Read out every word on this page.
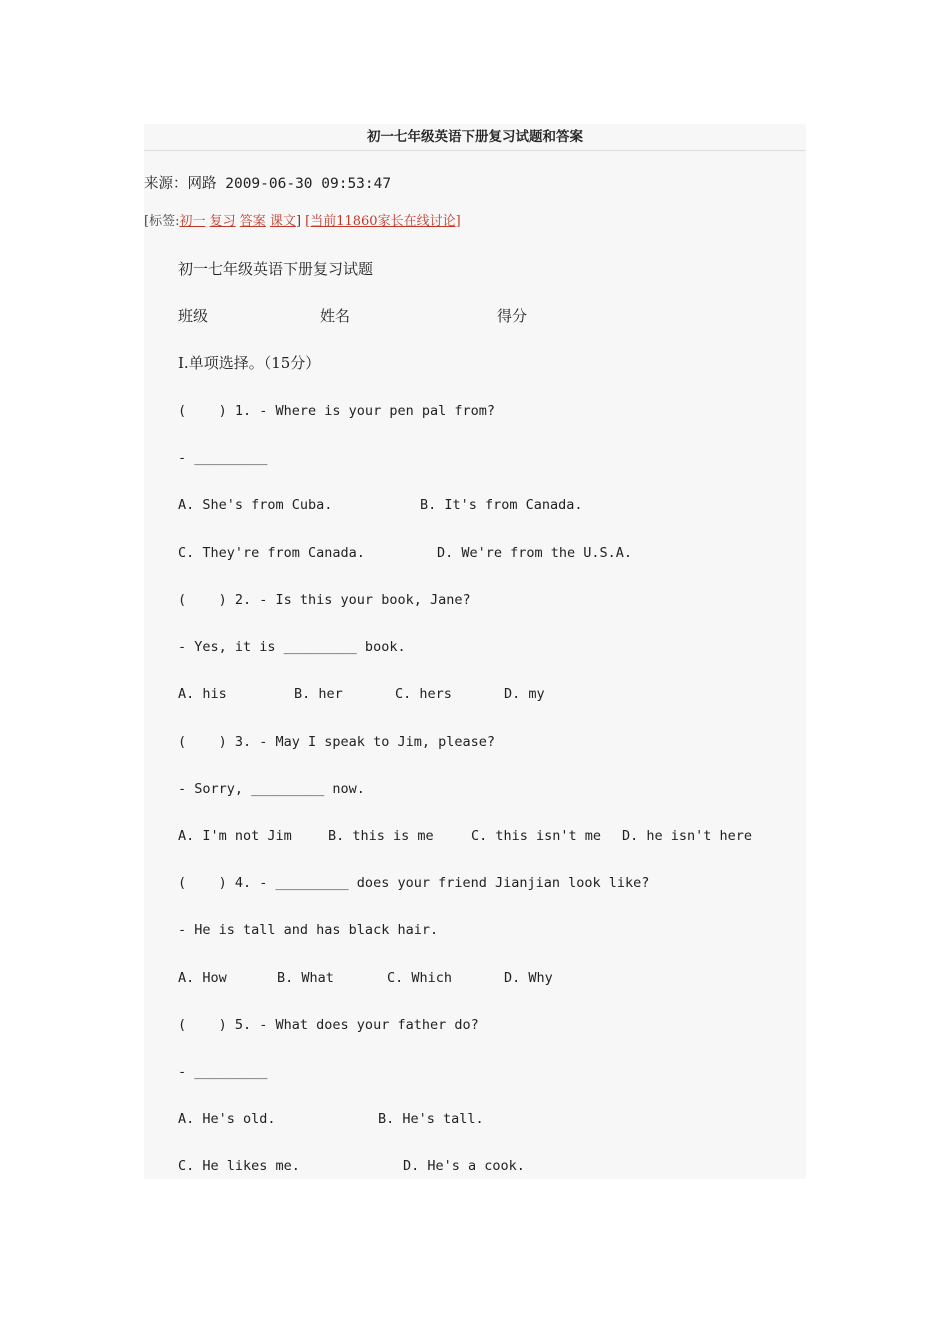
初一七年级英语下册复习试题和答案
来源：网路 2009-06-30 09:53:47
[标签:初一 复习 答案 课文] [当前11860家长在线讨论]
初一七年级英语下册复习试题
班级	姓名	得分
Ⅰ.单项选择。（15分）
(    ) 1. - Where is your pen pal from?
- _________
A. She's from Cuba.	B. It's from Canada.
C. They're from Canada.	D. We're from the U.S.A.
(    ) 2. - Is this your book, Jane?
- Yes, it is _________ book.
A. his	B. her	C. hers	D. my
(    ) 3. - May I speak to Jim, please?
- Sorry, _________ now.
A. I'm not Jim	B. this is me	C. this isn't me D. he isn't here
(    ) 4. - _________ does your friend Jianjian look like?
- He is tall and has black hair.
A. How	B. What	C. Which	D. Why
(    ) 5. - What does your father do?
- _________
A. He's old.	B. He's tall.
C. He likes me.	D. He's a cook.
